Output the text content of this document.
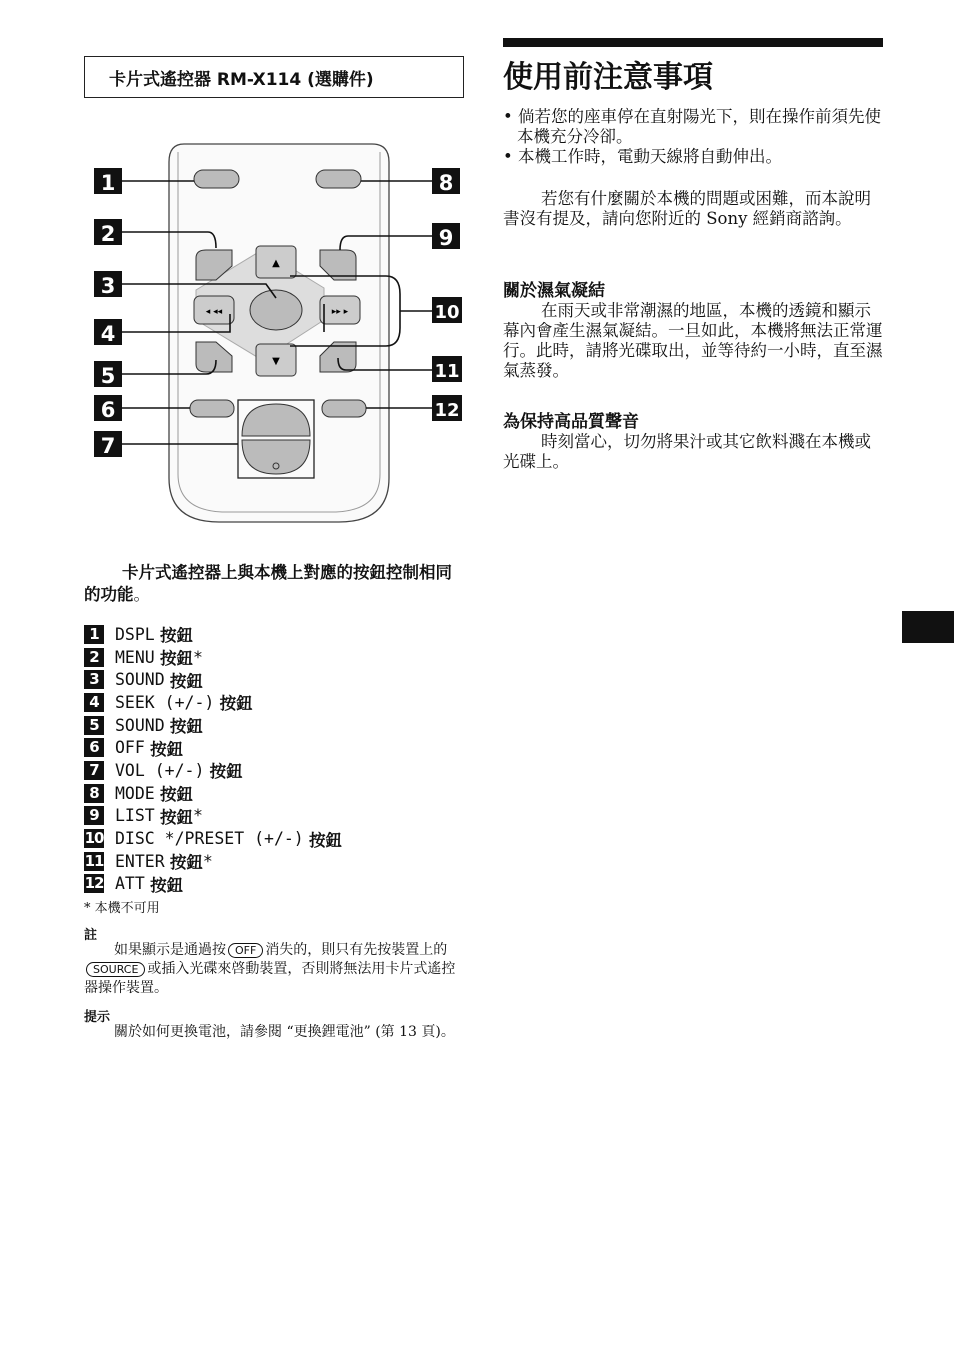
卡片式遙控器 RM-X114 (選購件)
▲
▼
◂ ◂◂	▸▸ ▸
1
2
3
4
5
6
7
8
9
10
11
12
卡片式遙控器上與本機上對應的按鈕控制相同的功能。
1 DSPL
按鈕
2 MENU
按鈕 *
3 SOUND
按鈕
4 SEEK (+/-)
按鈕
5 SOUND
按鈕
6 OFF
按鈕
7 VOL (+/-)
按鈕
8 MODE
按鈕
9 LIST
按鈕 *
10 DISC */PRESET (+/-)
按鈕
11 ENTER
按鈕 *
12 ATT
按鈕
* 本機不可用
註
如果顯示是通過按 OFF 消失的，則只有先按裝置上的SOURCE 或插入光碟來啓動裝置，否則將無法用卡片式遙控器操作裝置。
提示
關於如何更換電池，請參閱 “更換鋰電池” (第 13 頁)。
使用前注意事項
• 倘若您的座車停在直射陽光下，則在操作前須先使本機充分冷卻。
• 本機工作時，電動天線將自動伸出。
若您有什麼關於本機的問題或困難，而本說明書沒有提及，請向您附近的 Sony 經銷商諮詢。
關於濕氣凝結
在雨天或非常潮濕的地區，本機的透鏡和顯示幕內會產生濕氣凝結。一旦如此，本機將無法正常運行。此時，請將光碟取出，並等待約一小時，直至濕氣蒸發。
為保持高品質聲音
時刻當心，切勿將果汁或其它飲料濺在本機或光碟上。
